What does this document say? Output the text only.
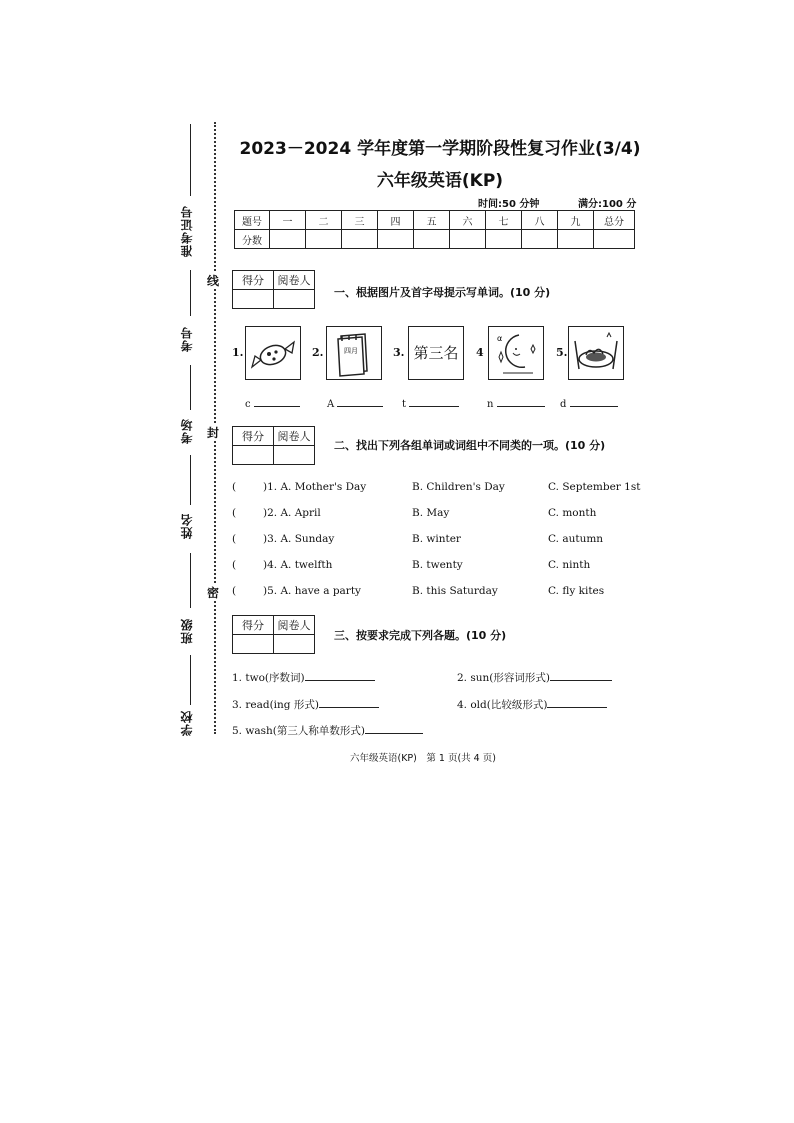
准考证号
考号
考场
姓名
班级
学校
线
封
密
2023－2024 学年度第一学期阶段性复习作业(3/4)
六年级英语(KP)
时间:50 分钟	满分:100 分
题号	一	二	三	四	五	六	七	八	九	总分
分数										
得分	阅卷人

一、根据图片及首字母提示写单词。(10 分)
1.	2.	四月	3. 第三名	4
α
5.
c	A	t	n	d
得分	阅卷人

二、找出下列各组单词或词组中不同类的一项。(10 分)
(	)1. A. Mother's Day	B. Children's Day	C. September 1st
(	)2. A. April	B. May	C. month
(	)3. A. Sunday	B. winter	C. autumn
(	)4. A. twelfth	B. twenty	C. ninth
(	)5. A. have a party	B. this Saturday	C. fly kites
得分	阅卷人

三、按要求完成下列各题。(10 分)
1. two(序数词)	2. sun(形容词形式)
3. read(ing 形式)	4. old(比较级形式)
5. wash(第三人称单数形式)
六年级英语(KP)　第 1 页(共 4 页)
